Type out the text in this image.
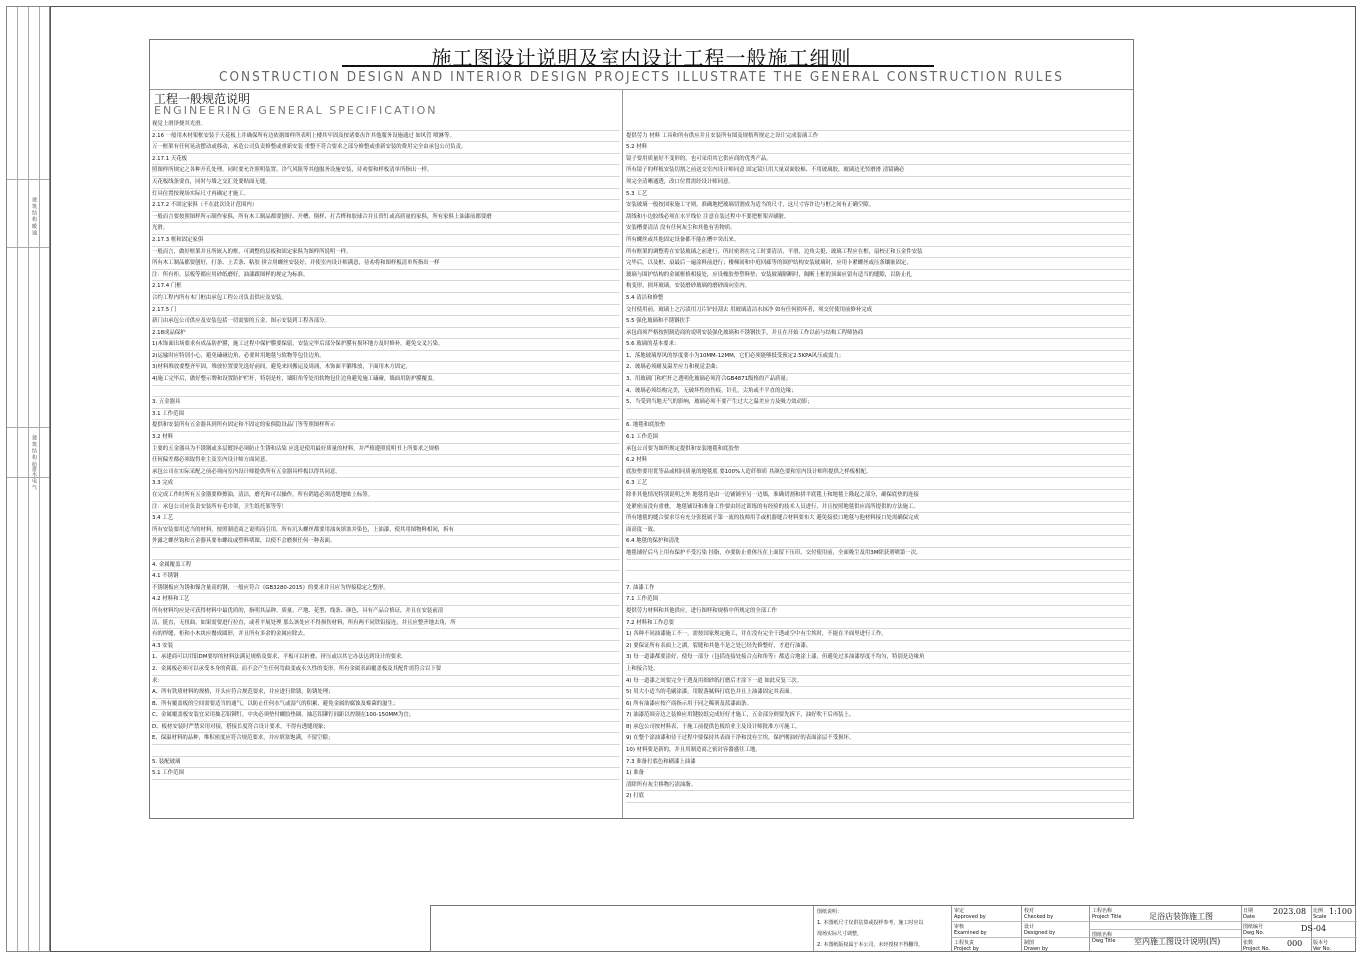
建 筑 结 构 暖 通
建 筑 结 构 给排水 电 气
施工图设计说明及室内设计工程一般施工细则
CONSTRUCTION DESIGN AND INTERIOR DESIGN PROJECTS ILLUSTRATE THE GENERAL CONSTRUCTION RULES
工程一般规范说明
ENGINEERING GENERAL SPECIFICATION
视觉上滑泽便其光滑。
2.16 一般用木材架框安装于天花板上并确保所有边依据图样所表明上楼其牢固及按诸要齿许其他服务设施通过 如风管 喷淋等。
万一框架有任何晃动摆动或移动，承造公司负责修整或重新安装 重整不符合要求之部分修整或重新安装的费用完全由承包公司负责。
2.17.1 天花板
照图样所规定之各种开孔处理，同时要允许照明装置、冷气风阻等其他服务设施安装，待劝要和样板清单所指出一样。
天花板线条要直，同时与墙之交汇处要贴面无缝。
灯具位置按现场实际尺寸再确定才施工。
2.17.2 不固定家俱（不在此次设计范围内）
一般而言要按照图样所示制作家俱，所有木工制品都要刨好、开槽、倒样、打舌榫和胶球合并且资钉或高质量的家俱，所有家俱上油漆前都要磨
光滑。
2.17.3 框和固定家俱
一般而言，做好框架并且所嵌入的框，可调整的层板和固定家俱为图样所说明一样。
所有木工制品都要刨好，打条、上舌条、粘胶 拼合用螺丝安装好，并使室内设计师满意，待劝将和图样板清单所指出一样
注：所有柜、层板等都应用砂纸磨好，油漆跟图样的规定为标准。
2.17.4 门框
合约工程内所有木门框由承包工程公司负责供应及安装。
2.17.5 门
新门由承包公司供应及安装包括一切需要的五金，图示安装到工程各部分。
2.18成品保护
1)木饰面出场要求有成品防护膜，施工过程中保护膜要保留，安装完毕后部分保护膜有损坏地方及时修补，避免交叉污染。
2)运输时应特别小心，避免磕碰边角，必要时用地毯与软物等包住边角。
3)材料堆放要整齐牢固，堆放位置要先选好前间，避免来回搬运及周涌，木饰面平躺堆放，下面用木方固定。
4)施工完毕后，做好整示牌和设置防护栏杆，特别是柱，墙阳角等处用软物包住边角避免施工磕碰，墙面用防护膜覆盖。
3. 五金器具
3.1 工作范围
提供和安装所有五金器具到所有固定和不固定的家俱隐设品门等等照图样所示
3.2 材料
主要的五金器具为不锈钢或多层镀锌必须防止生锈和沾染 应选是使用最好质量的材料，并严格遵照说明书上所要求之规格
任何偏差都必须取得业主及室内设计师方面同意。
承包公司在实际采配之前必须向室内设计师提供所有五金器具样板以得其同意。
3.3 完成
在完成工作时所有五金器要修擦油，清洁，磨光和可以操作，所有销匙必须清楚地贴上标签。
注：承包公司应负责安装所有毛巾架，卫生纸托架等等！
3.4 工艺
所有安装要用适当的材料，按照制造商之说明而引用，所有沉头螺丝都要用油灰填塞并染色，上油漆，使其用图物料相同，拆有
外露之螺丝钩和五金器具要布螺纹或塑料堵图，以使不会磨损任何一种表面。
4. 金属覆盖工程
4.1 不锈钢
不锈钢板应为锈和镍含量高的钢，一般应符合《GB3280-2015》的要求并且应为焊接稳定之整形。
4.2 材料和工艺
所有材料均应是可获得材料中最优质的，指明其品种、质量、产地、花型、线条、颜色，具有产品合格证，并且在安装前清
洁，挺直，无扭曲，如果需要进行拉直，或者平展处理 那么该处应不得损伤材料，所有两不同铁铅接连，并且应整齐地去角，所
有的焊缝、柜和小木块应餐成圆形，并且所有多余的金属应除去。
4.3 安装
1、承建商可以用铝DM要厚的材料法满足规格及要求，平板可以折叠、挤压或以其它办法达到设计的要求。
2、金属板必须可以承受本身的荷载，而不会产生任何弯曲变或永久性的变形。所有金属表面覆盖板及其配件需符合以下要
求：
A、所有铁质材料的规格，开头应符合规范要求，并应进行除锈，防锈处理；
B、所有覆盖板的空间需要适当的通气，以防止任何水气或湿气的积累，避免金属的腐蚀及霉菌的滋生；
C、金属覆盖板安装宜采用抽芯铝铆钉，中央必须垫付螺胶垫圈，抽芯铝铆钉间距以控制在100-150MM为宜；
D、板材安装时严禁采用对接，搭接长度符合设计要求，不得有透缝现象；
E、保温材料的品种，堆积密度应符合规范要求，并应填塞饱满，不留空隙；
5. 装配玻璃
5.1 工作范围
提供劳力 材料 工具和所有供应并且安装所有图及规格所规定之设计完成装璃工作
5.2 材料
镜子要用质量好不变形的，也可采用其它供应商的优秀产品。
所有镜子的样板安装切割之前送交室内设计师同意 固定镜只用大量双面胶棉、不用玻璃胶，玻璃边光竖磨滑 清镜确必
须完全清晰通透，改口位置需经设计师同意。
5.3 工艺
安装玻璃一般按国家施工守则，准确地把玻璃切割成为适当的尺寸，这尺寸容许边与框之间有正确空隙。
刮线和小边胶线必须在水平线位 注意在装过程中不要把框架弄刷脏。
安装槽要清洁 没有任何灰尘和其他有害物质。
所有螺丝或其他固定设备都不能在槽中突出来。
所有框架的调整将在安装玻璃之前进行，所封密剂在完工时要清洁，平滑，边角尖挺，玻璃工程应在框，扇校正和五金件安装
完毕后，以及框、扇最后一遍涂料前进行；楼梯间和中庭回廊等的围护结构安装玻璃时，应用卡紧螺丝或压条镶嵌固定，
玻璃与围护结构的金属框格相接处，应设橡胶垫塑料垫；安装玻璃隔断时，隔断上框的顶面应留有适当的缝隙，以防止扎
构变形，损坏玻璃，安装磨砂玻璃的磨砂面向室内。
5.4 清洁和修整
交付使用前，玻璃上之污渍用刀片铲轻刮去 用玻璃清洁水抹净 如有任何损坏者，须交付使用前修补完成
5.5 强化玻璃和不锈钢扶手
承包商须严格按照制造商的说明安装强化玻璃和不锈钢扶手，并且在开始工作以前与结构工程师协商
5.6 玻璃的基本要求：
1、落地玻璃厚风的厚度要小为10MM-12MM，它们必须能够抵受预定2.5KPA风压或震力；
2、玻璃必须耐及温差应力和视觉歪曲；
3、用玻璃门和栏杆之透明化玻璃必须符合GB4871级格的产品质量；
4、玻璃必须结构完美，无破坏性的伤痕，针孔，尖角或不平直的边缘；
5、当受到当地天气的影响，玻璃必须不要产生过大之温差应力及吸力效动影；
6. 地毯和底胶垫
6.1 工作范围
承包公司要为图所规定提供和安装地毯和底胶垫
6.2 材料
底胶垫要用优等品或相同质量的地毯底 要100%人造纤维质 其颜色要和室内设计师所提供之样板相配。
6.3 工艺
除非其他情况特别说明之外 地毯将是由一边铺铺至另一边墙，准确切割和拼平底毯上和地毯上隆起之部分，确保底垫的连接
处紧密而没有重叠， 地毯铺设和准备工作要由经过训练的有经验的技术人员进行，并且按照地毯供应商所提供的方法施工。
所有地毯的缝合要求尽有充分张挺属于第一流的技师用手或机器缝合材料要布大 避免接驳口地毯与他材料接口处需确保完成
面高度一致。
6.4 地毯的保护和清洗
地毯铺好后马上用布保护不受污染 挂脂，亦要防止重体压在上面留下压印，交付使用前，全面吸尘及用3M除获剂喷第一次。
7. 油漆工作
7.1 工作范围
提供劳力材料和其他供应，进行图样和规格中所规定的全部工作
7.2 材料和工作总要
1) 各种不同油漆施工不一，需按国家规定施工，并在没有完全干透或空中有尘埃时，不能在平面里进行工作。
2) 要保证所有表面上之湖，裂缝和其他不是之处已经先修整好，才进行油漆。
3) 每一道漆都要涂好，使每一部分（包括连接处接合点和角等）都适合地涂上漆，但避免过多油漆厚度不均匀，特别是边缘角
上和接合处。
4) 每一道漆之间要完全干透及用细砂纸打磨后才涂下一道 如此反复三次。
5) 用大小适当的毛刷涂漆，用脱落腻料打底色并且上油漆固定其表面。
6) 所有油漆应按产商指示用于同之稀剂及蓝漆面条。
7) 油漆范围旁边之装修应用键胶纸完成好好才施工，五金部分则要先拆下，油好吹干后再装上。
8) 承包公司按材料表，于施工前提供色板给业主及设计师批准方可施工。
9) 在整个涂油漆和待干过程中要保持其表面干净和没有尘埃，保护刚油好的表面涂层不受损坏。
10) 材料要是新的，并且用制造商之密封容器盛往工地。
7.3 准备打底色和刷漆上油漆
1) 准备
清除所有灰尘移物污渍油脂。
2) 打底
图纸说明：
1. 本图纸尺寸仅供估算或投样参考，施工时应以
现场实际尺寸调整。
2. 本图纸版权属于本公司，未经授权不得翻印。
审定
Approved by
审核
Examined by
工程负责
Project by
校对
Checked by
设计
Designed by
制图
Drawn by
工程名称
Project Title	足浴店装饰施工图
图纸名称
Dwg Title 室内施工图设计说明(四)
日期
Date
2023.08 比例
Scale
1:100
图纸编号
Dwg No.	DS-04
张数
Project No.
000 版本号
Ver No.
